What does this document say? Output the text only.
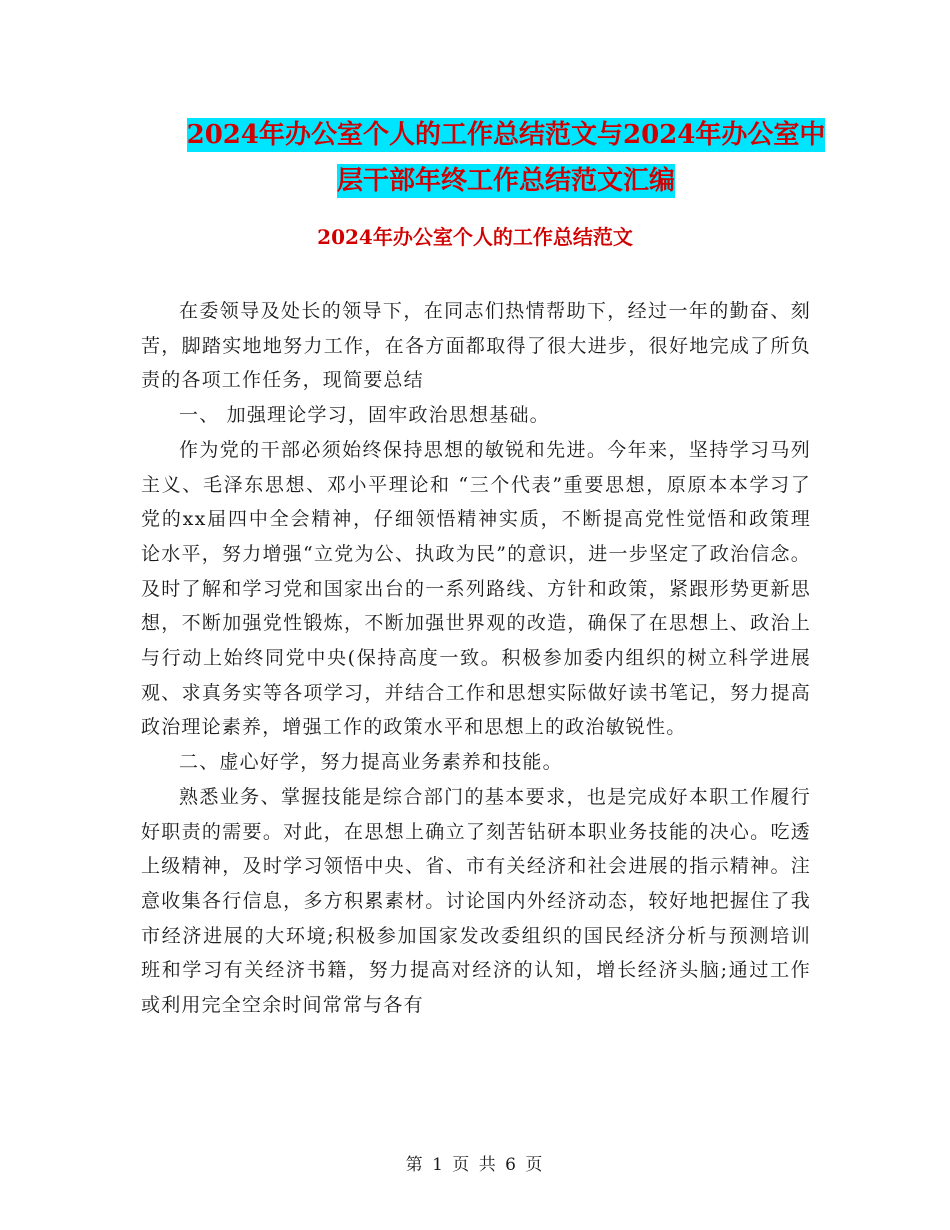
2024年办公室个人的工作总结范文与2024年办公室中层干部年终工作总结范文汇编
2024年办公室个人的工作总结范文

在委领导及处长的领导下，在同志们热情帮助下，经过一年的勤奋、刻苦，脚踏实地地努力工作，在各方面都取得了很大进步，很好地完成了所负责的各项工作任务，现简要总结

一、 加强理论学习，固牢政治思想基础。

作为党的干部必须始终保持思想的敏锐和先进。今年来，坚持学习马列主义、毛泽东思想、邓小平理论和 “三个代表”重要思想，原原本本学习了党的xx届四中全会精神，仔细领悟精神实质，不断提高党性觉悟和政策理论水平，努力增强“立党为公、执政为民”的意识，进一步坚定了政治信念。及时了解和学习党和国家出台的一系列路线、方针和政策，紧跟形势更新思想，不断加强党性锻炼，不断加强世界观的改造，确保了在思想上、政治上与行动上始终同党中央(保持高度一致。积极参加委内组织的树立科学进展观、求真务实等各项学习，并结合工作和思想实际做好读书笔记，努力提高政治理论素养，增强工作的政策水平和思想上的政治敏锐性。

二、虚心好学，努力提高业务素养和技能。

熟悉业务、掌握技能是综合部门的基本要求，也是完成好本职工作履行好职责的需要。对此，在思想上确立了刻苦钻研本职业务技能的决心。吃透上级精神，及时学习领悟中央、省、市有关经济和社会进展的指示精神。注意收集各行信息，多方积累素材。讨论国内外经济动态，较好地把握住了我市经济进展的大环境;积极参加国家发改委组织的国民经济分析与预测培训班和学习有关经济书籍，努力提高对经济的认知，增长经济头脑;通过工作或利用完全空余时间常常与各有

第 1 页 共 6 页
